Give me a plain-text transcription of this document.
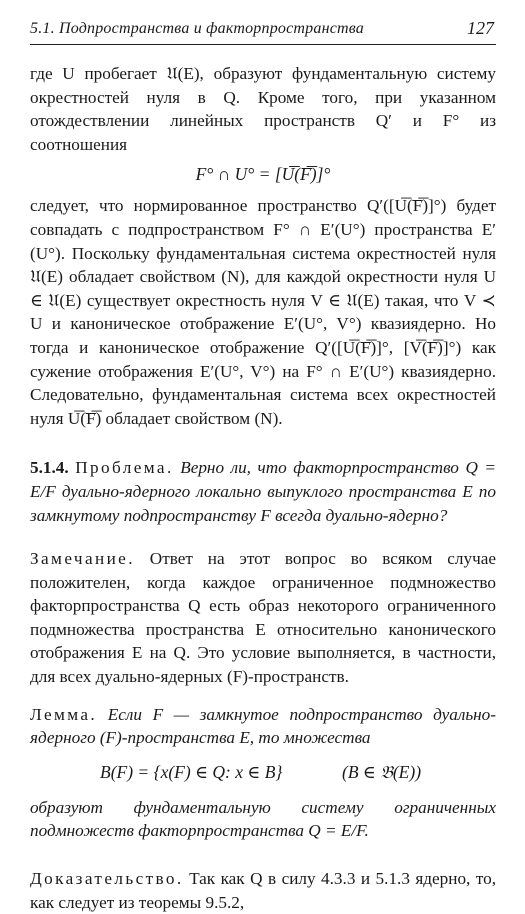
5.1. Подпространства и факторпространства	127

где U пробегает 𝔘(E), образуют фундаментальную систему окрестностей нуля в Q. Кроме того, при указанном отождествлении линейных пространств Q′ и F° из соотношения

F° ∩ U° = [U͞(͞F͞)]°

следует, что нормированное пространство Q′([U͞(͞F͞)]°) будет совпадать с подпространством F° ∩ E′(U°) пространства E′(U°). Поскольку фундаментальная система окрестностей нуля 𝔘(E) обладает свойством (N), для каждой окрестности нуля U ∈ 𝔘(E) существует окрестность нуля V ∈ 𝔘(E) такая, что V ≺ U и каноническое отображение E′(U°, V°) квазиядерно. Но тогда и каноническое отображение Q′([U͞(͞F͞)]°, [V͞(͞F͞)]°) как сужение отображения E′(U°, V°) на F° ∩ E′(U°) квазиядерно. Следовательно, фундаментальная система всех окрестностей нуля U͞(͞F͞) обладает свойством (N).

5.1.4. Проблема. Верно ли, что факторпространство Q = E/F дуально-ядерного локально выпуклого пространства E по замкнутому подпространству F всегда дуально-ядерно?

Замечание. Ответ на этот вопрос во всяком случае положителен, когда каждое ограниченное подмножество факторпространства Q есть образ некоторого ограниченного подмножества пространства E относительно канонического отображения E на Q. Это условие выполняется, в частности, для всех дуально-ядерных (F)-пространств.

Лемма. Если F — замкнутое подпространство дуально-ядерного (F)-пространства E, то множества

B(F) = {x(F) ∈ Q: x ∈ B}	(B ∈ 𝔅(E))

образуют фундаментальную систему ограниченных подмножеств факторпространства Q = E/F.

Доказательство. Так как Q в силу 4.3.3 и 5.1.3 ядерно, то, как следует из теоремы 9.5.2,
